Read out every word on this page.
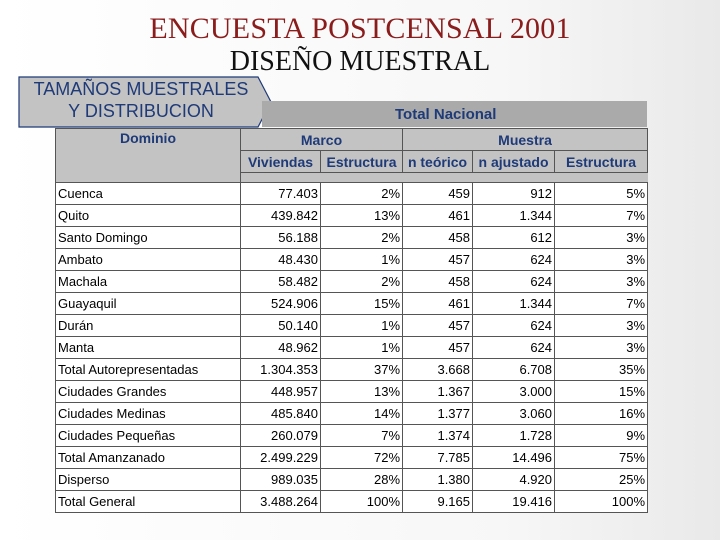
ENCUESTA POSTCENSAL 2001
DISEÑO MUESTRAL
TAMAÑOS MUESTRALES
Y DISTRIBUCION	Total Nacional
Dominio	Marco		Muestra		
	Viviendas	Estructura	n teórico	n ajustado	Estructura

Cuenca	77.403	2%	459	912	5%
Quito	439.842	13%	461	1.344	7%
Santo Domingo	56.188	2%	458	612	3%
Ambato	48.430	1%	457	624	3%
Machala	58.482	2%	458	624	3%
Guayaquil	524.906	15%	461	1.344	7%
Durán	50.140	1%	457	624	3%
Manta	48.962	1%	457	624	3%
Total Autorepresentadas	1.304.353	37%	3.668	6.708	35%
Ciudades Grandes	448.957	13%	1.367	3.000	15%
Ciudades Medinas	485.840	14%	1.377	3.060	16%
Ciudades Pequeñas	260.079	7%	1.374	1.728	9%
Total Amanzanado	2.499.229	72%	7.785	14.496	75%
Disperso	989.035	28%	1.380	4.920	25%
Total General	3.488.264	100%	9.165	19.416	100%
